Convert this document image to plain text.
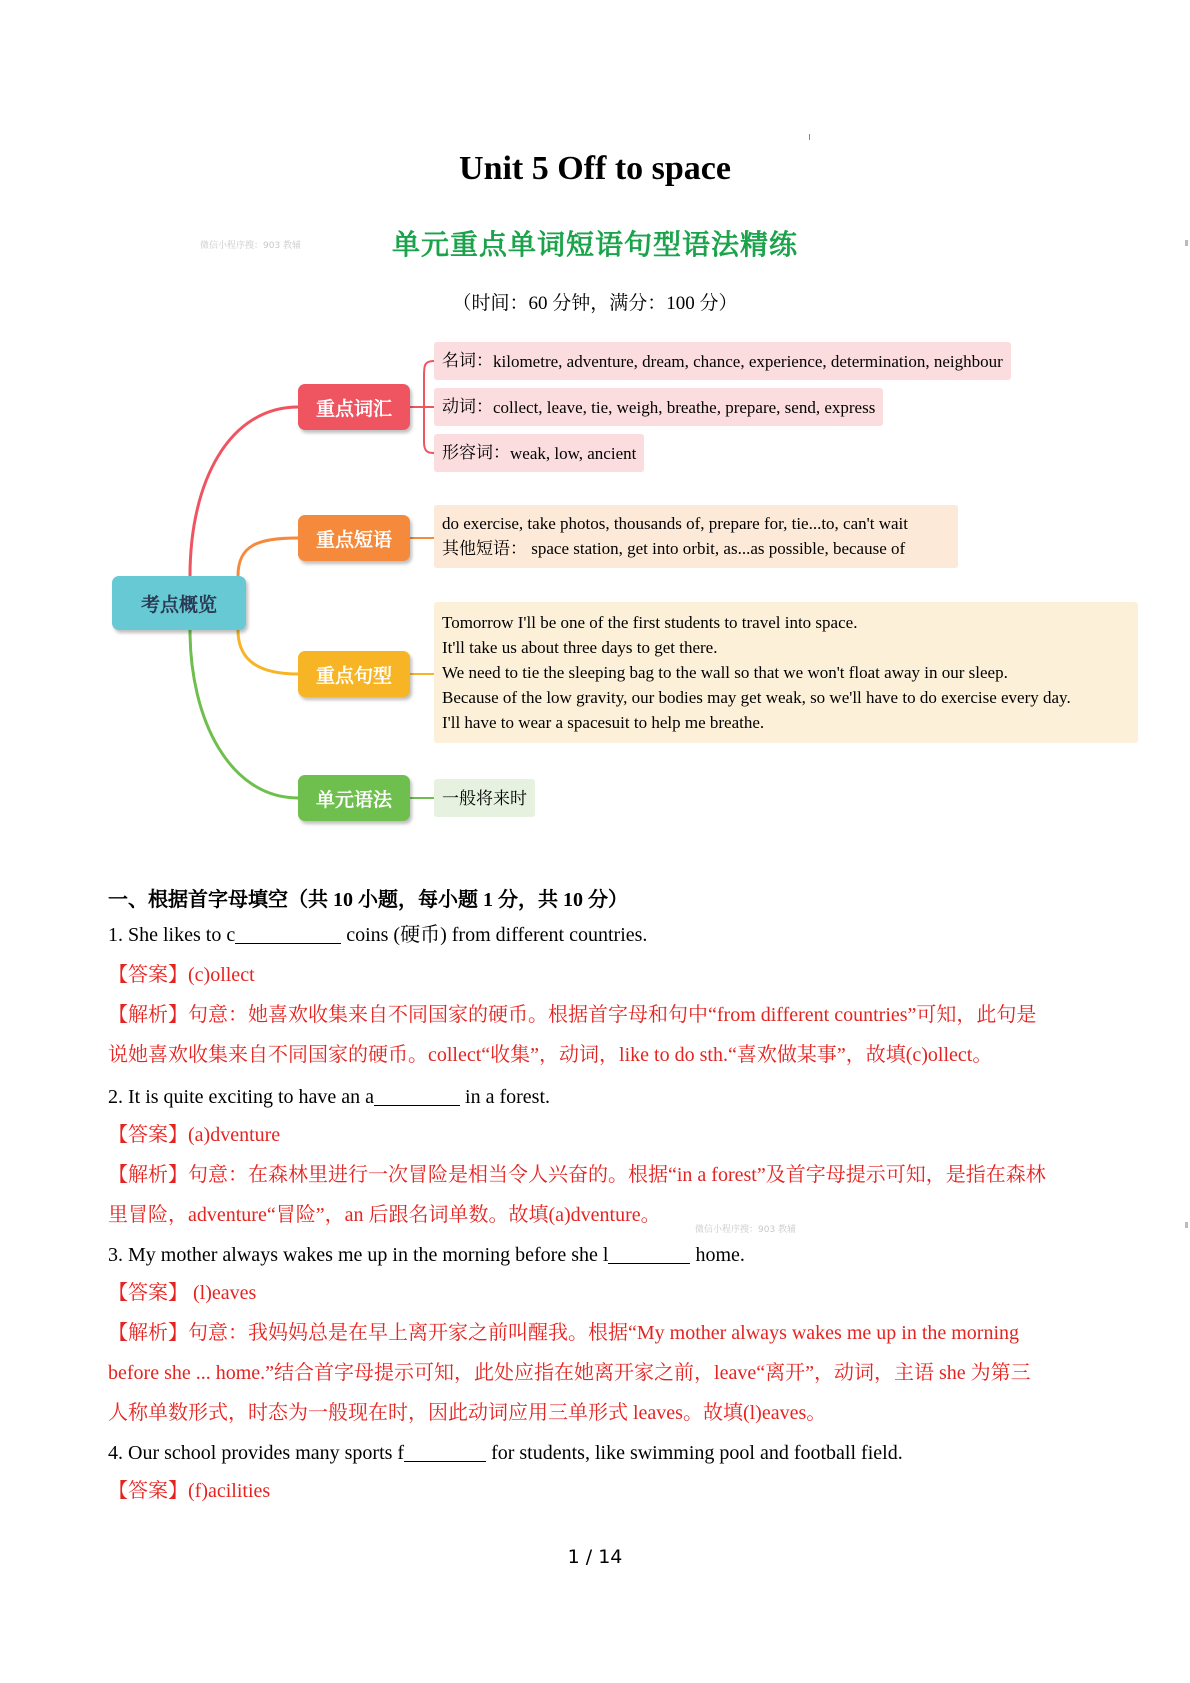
Unit 5 Off to space
微信小程序搜：903 教辅	单元重点单词短语句型语法精练
（时间：60 分钟，满分：100 分）
考点概览
重点词汇
重点短语
重点句型
单元语法
名词： kilometre, adventure, dream, chance, experience, determination, neighbour
动词： collect, leave, tie, weigh, breathe, prepare, send, express
形容词： weak, low, ancient
do exercise, take photos, thousands of, prepare for, tie...to, can't wait
其他短语： space station, get into orbit, as...as possible, because of
Tomorrow I'll be one of the first students to travel into space.
It'll take us about three days to get there.
We need to tie the sleeping bag to the wall so that we won't float away in our sleep.
Because of the low gravity, our bodies may get weak, so we'll have to do exercise every day.
I'll have to wear a spacesuit to help me breathe.
一般将来时
一、根据首字母填空（共 10 小题，每小题 1 分，共 10 分）
1. She likes to c	coins (硬币) from different countries.
【答案】(c)ollect
【解析】句意：她喜欢收集来自不同国家的硬币。根据首字母和句中“from different countries”可知，此句是
说她喜欢收集来自不同国家的硬币。collect“收集”，动词，like to do sth.“喜欢做某事”，故填(c)ollect。
2. It is quite exciting to have an a	in a forest.
【答案】(a)dventure
【解析】句意：在森林里进行一次冒险是相当令人兴奋的。根据“in a forest”及首字母提示可知，是指在森林
里冒险，adventure“冒险”，an 后跟名词单数。故填(a)dventure。
微信小程序搜：903 教辅
3. My mother always wakes me up in the morning before she l	home.
【答案】 (l)eaves
【解析】句意：我妈妈总是在早上离开家之前叫醒我。根据“My mother always wakes me up in the morning
before she ... home.”结合首字母提示可知，此处应指在她离开家之前，leave“离开”，动词，主语 she 为第三
人称单数形式，时态为一般现在时，因此动词应用三单形式 leaves。故填(l)eaves。
4. Our school provides many sports f	for students, like swimming pool and football field.
【答案】(f)acilities
1 / 14
